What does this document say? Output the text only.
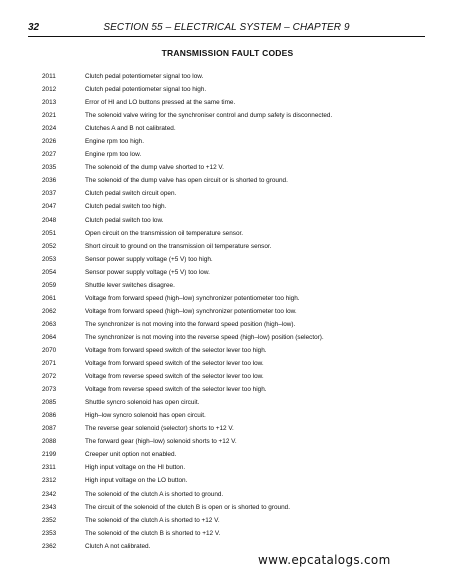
32	SECTION 55 – ELECTRICAL SYSTEM – CHAPTER 9
TRANSMISSION FAULT CODES
2011	Clutch pedal potentiometer signal too low.
2012	Clutch pedal potentiometer signal too high.
2013	Error of HI and LO buttons pressed at the same time.
2021	The solenoid valve wiring for the synchroniser control and dump safety is disconnected.
2024	Clutches A and B not calibrated.
2026	Engine rpm too high.
2027	Engine rpm too low.
2035	The solenoid of the dump valve shorted to +12 V.
2036	The solenoid of the dump valve has open circuit or is shorted to ground.
2037	Clutch pedal switch circuit open.
2047	Clutch pedal switch too high.
2048	Clutch pedal switch too low.
2051	Open circuit on the transmission oil temperature sensor.
2052	Short circuit to ground on the transmission oil temperature sensor.
2053	Sensor power supply voltage (+5 V) too high.
2054	Sensor power supply voltage (+5 V) too low.
2059	Shuttle lever switches disagree.
2061	Voltage from forward speed (high–low) synchronizer potentiometer too high.
2062	Voltage from forward speed (high–low) synchronizer potentiometer too low.
2063	The synchronizer is not moving into the forward speed position (high–low).
2064	The synchronizer is not moving into the reverse speed (high–low) position (selector).
2070	Voltage from forward speed switch of the selector lever too high.
2071	Voltage from forward speed switch of the selector lever too low.
2072	Voltage from reverse speed switch of the selector lever too low.
2073	Voltage from reverse speed switch of the selector lever too high.
2085	Shuttle syncro solenoid has open circuit.
2086	High–low syncro solenoid has open circuit.
2087	The reverse gear solenoid (selector) shorts to +12 V.
2088	The forward gear (high–low) solenoid shorts to +12 V.
2199	Creeper unit option not enabled.
2311	High input voltage on the HI button.
2312	High input voltage on the LO button.
2342	The solenoid of the clutch A is shorted to ground.
2343	The circuit of the solenoid of the clutch B is open or is shorted to ground.
2352	The solenoid of the clutch A is shorted to +12 V.
2353	The solenoid of the clutch B is shorted to +12 V.
2362	Clutch A not calibrated.
www.epcatalogs.com
